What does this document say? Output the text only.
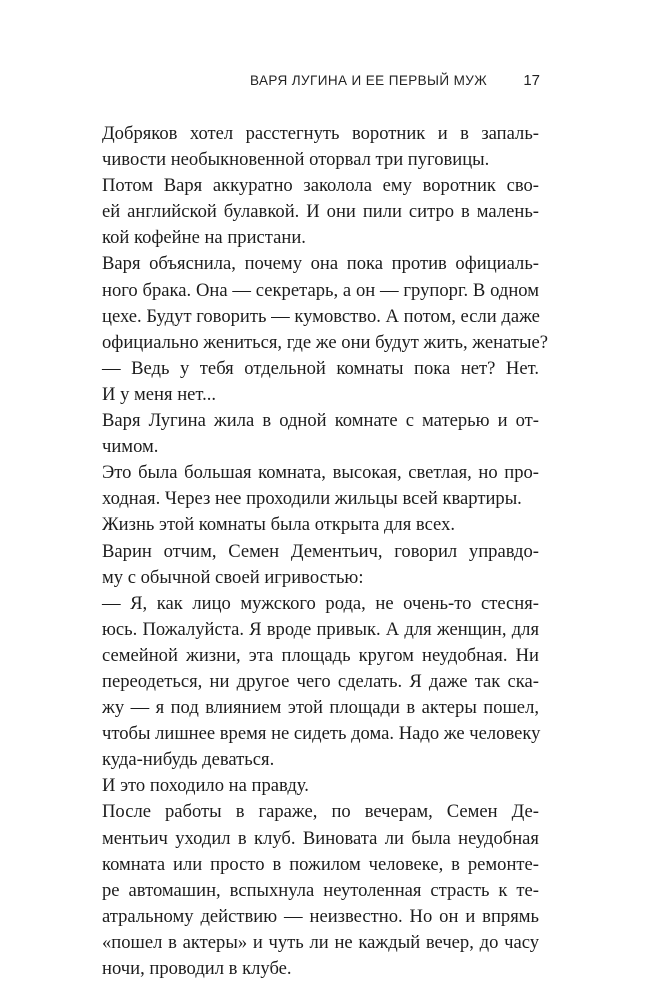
ВАРЯ ЛУГИНА И ЕЕ ПЕРВЫЙ МУЖ 17
Добряков хотел расстегнуть воротник и в запаль-
чивости необыкновенной оторвал три пуговицы.
Потом Варя аккуратно заколола ему воротник сво-
ей английской булавкой. И они пили ситро в малень-
кой кофейне на пристани.
Варя объяснила, почему она пока против официаль-
ного брака. Она — секретарь, а он — групорг. В одном
цехе. Будут говорить — кумовство. А потом, если даже
официально жениться, где же они будут жить, женатые?
— Ведь у тебя отдельной комнаты пока нет? Нет.
И у меня нет...
Варя Лугина жила в одной комнате с матерью и от-
чимом.
Это была большая комната, высокая, светлая, но про-
ходная. Через нее проходили жильцы всей квартиры.
Жизнь этой комнаты была открыта для всех.
Варин отчим, Семен Дементьич, говорил управдо-
му с обычной своей игривостью:
— Я, как лицо мужского рода, не очень-то стесня-
юсь. Пожалуйста. Я вроде привык. А для женщин, для
семейной жизни, эта площадь кругом неудобная. Ни
переодеться, ни другое чего сделать. Я даже так ска-
жу — я под влиянием этой площади в актеры пошел,
чтобы лишнее время не сидеть дома. Надо же человеку
куда-нибудь деваться.
И это походило на правду.
После работы в гараже, по вечерам, Семен Де-
ментьич уходил в клуб. Виновата ли была неудобная
комната или просто в пожилом человеке, в ремонте-
ре автомашин, вспыхнула неутоленная страсть к те-
атральному действию — неизвестно. Но он и впрямь
«пошел в актеры» и чуть ли не каждый вечер, до часу
ночи, проводил в клубе.
